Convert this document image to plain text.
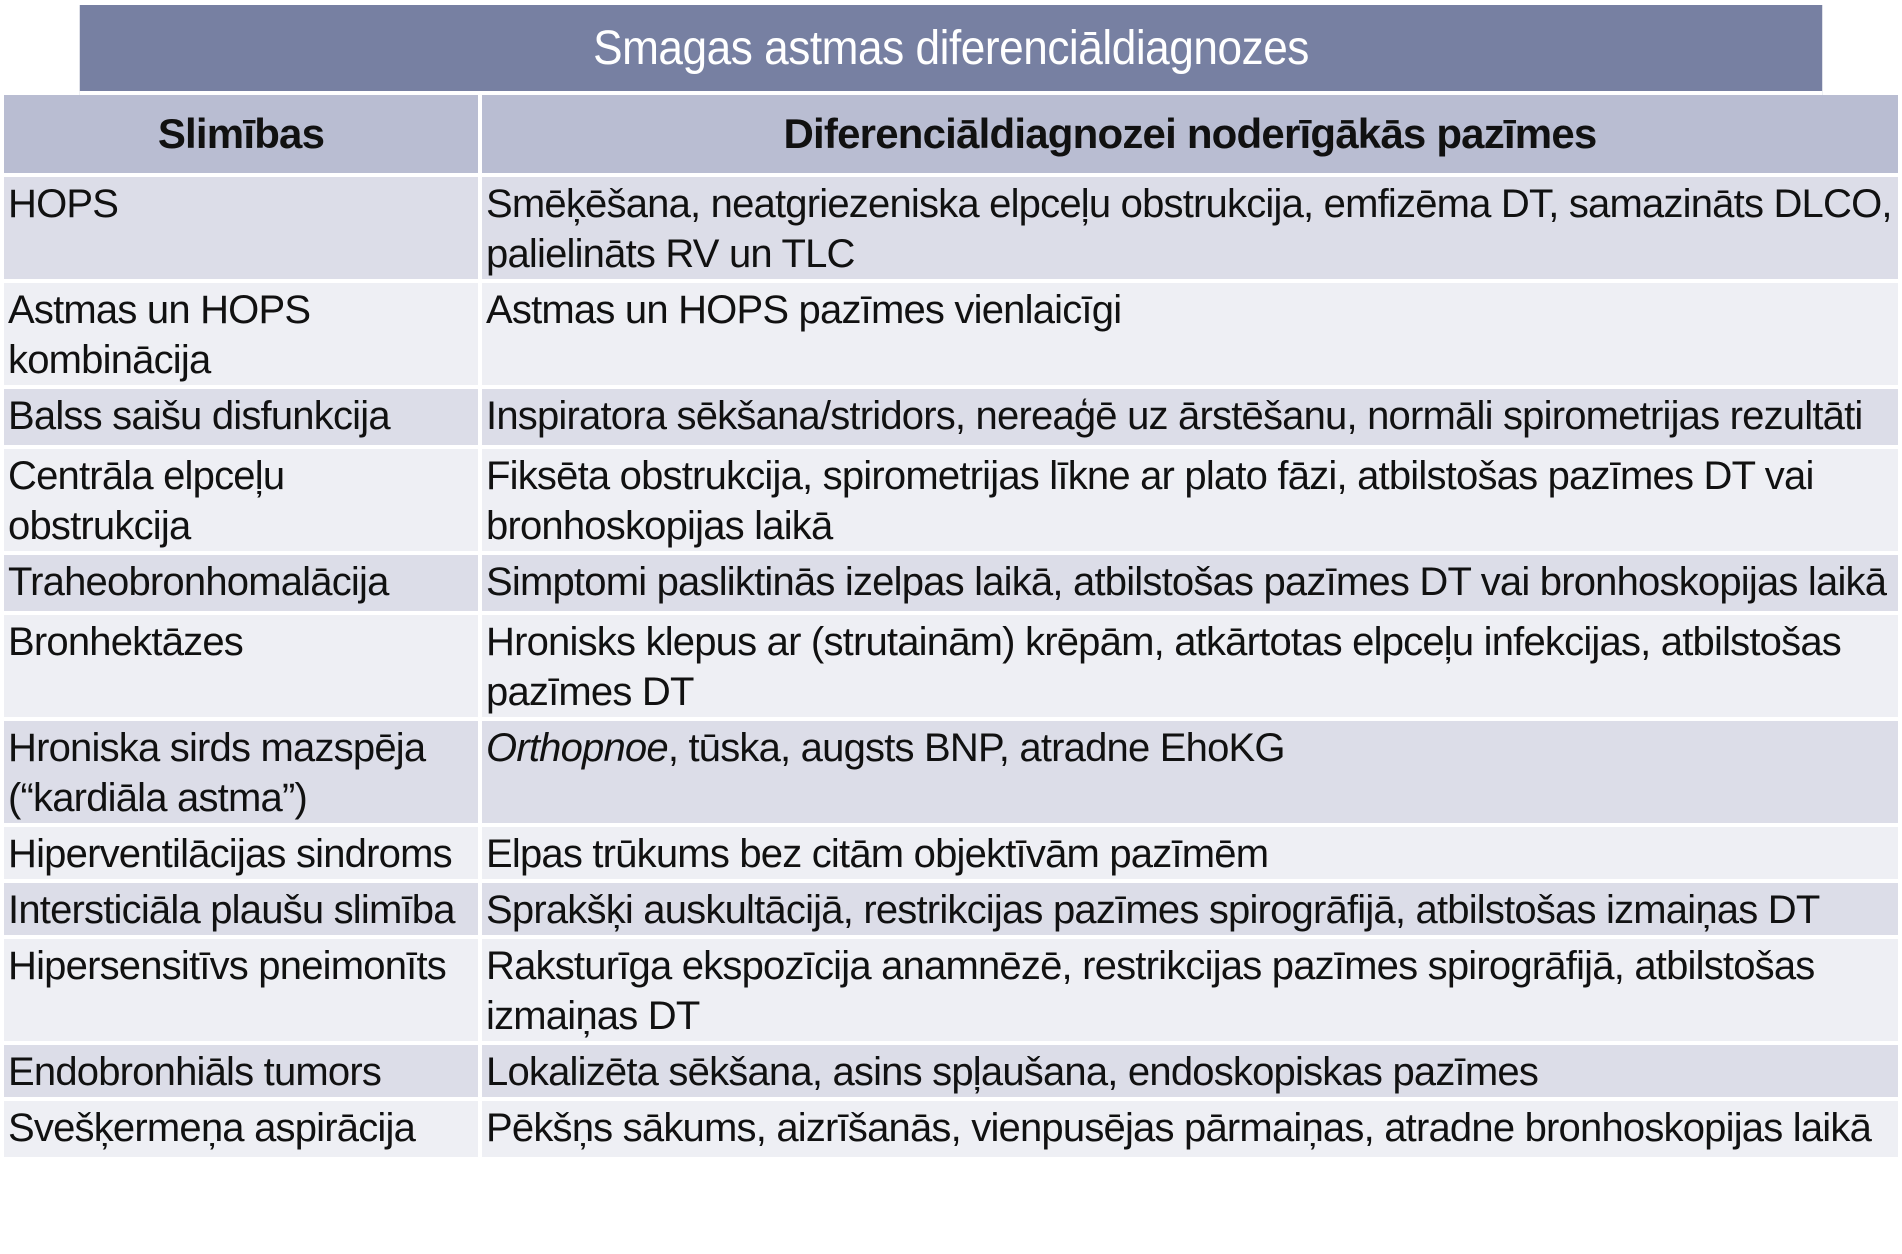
Smagas astmas diferenciāldiagnozes
Slimības	Diferenciāldiagnozei noderīgākās pazīmes
HOPS	Smēķēšana, neatgriezeniska elpceļu obstrukcija, emfizēma DT, samazināts DLCO, palielināts RV un TLC
Astmas un HOPS kombinācija	Astmas un HOPS pazīmes vienlaicīgi
Balss saišu disfunkcija	Inspiratora sēkšana/stridors, nereaģē uz ārstēšanu, normāli spirometrijas rezultāti
Centrāla elpceļu obstrukcija	Fiksēta obstrukcija, spirometrijas līkne ar plato fāzi, atbilstošas pazīmes DT vai bronhoskopijas laikā
Traheobronhomalācija	Simptomi pasliktinās izelpas laikā, atbilstošas pazīmes DT vai bronhoskopijas laikā
Bronhektāzes	Hronisks klepus ar (strutainām) krēpām, atkārtotas elpceļu infekcijas, atbilstošas pazīmes DT
Hroniska sirds mazspēja (“kardiāla astma”)	Orthopnoe, tūska, augsts BNP, atradne EhoKG
Hiperventilācijas sindroms	Elpas trūkums bez citām objektīvām pazīmēm
Intersticiāla plaušu slimība	Sprakšķi auskultācijā, restrikcijas pazīmes spirogrāfijā, atbilstošas izmaiņas DT
Hipersensitīvs pneimonīts	Raksturīga ekspozīcija anamnēzē, restrikcijas pazīmes spirogrāfijā, atbilstošas izmaiņas DT
Endobronhiāls tumors	Lokalizēta sēkšana, asins spļaušana, endoskopiskas pazīmes
Svešķermeņa aspirācija	Pēkšņs sākums, aizrīšanās, vienpusējas pārmaiņas, atradne bronhoskopijas laikā
